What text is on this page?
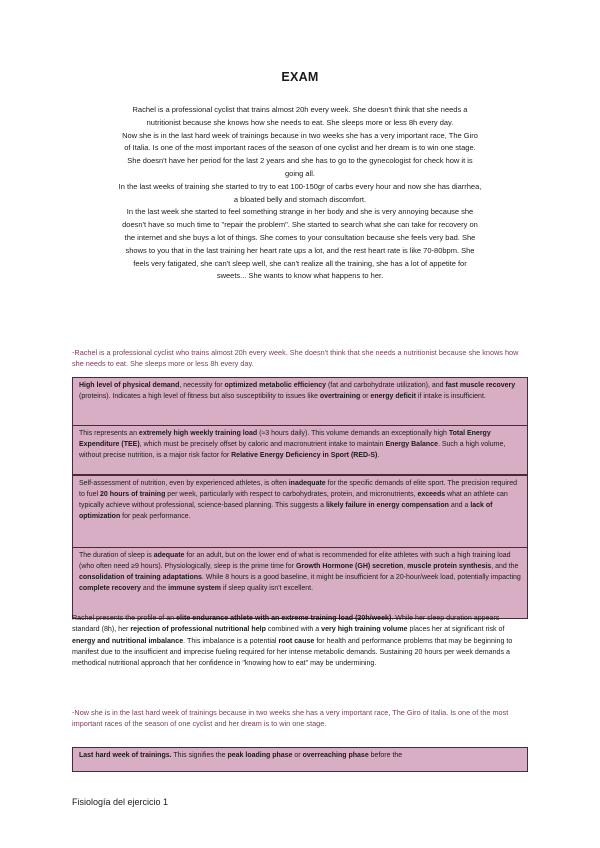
EXAM

Rachel is a professional cyclist that trains almost 20h every week. She doesn't think that she needs a nutritionist because she knows how she needs to eat. She sleeps more or less 8h every day.

Now she is in the last hard week of trainings because in two weeks she has a very important race, The Giro of Italia. Is one of the most important races of the season of one cyclist and her dream is to win one stage.

She doesn't have her period for the last 2 years and she has to go to the gynecologist for check how it is going all.

In the last weeks of training she started to try to eat 100-150gr of carbs every hour and now she has diarrhea, a bloated belly and stomach discomfort.

In the last week she started to feel something strange in her body and she is very annoying because she doesn't have so much time to "repair the problem". She started to search what she can take for recovery on the internet and she buys a lot of things. She comes to your consultation because she feels very bad. She shows to you that in the last training her heart rate ups a lot, and the rest heart rate is like 70-80bpm. She feels very fatigated, she can't sleep well, she can't realize all the training, she has a lot of appetite for sweets... She wants to know what happens to her.

-Rachel is a professional cyclist who trains almost 20h every week. She doesn't think that she needs a nutritionist because she knows how she needs to eat. She sleeps more or less 8h every day.

High level of physical demand, necessity for optimized metabolic efficiency (fat and carbohydrate utilization), and fast muscle recovery (proteins). Indicates a high level of fitness but also susceptibility to issues like overtraining or energy deficit if intake is insufficient.

This represents an extremely high weekly training load (≈3 hours daily). This volume demands an exceptionally high Total Energy Expenditure (TEE), which must be precisely offset by caloric and macronutrient intake to maintain Energy Balance. Such a high volume, without precise nutrition, is a major risk factor for Relative Energy Deficiency in Sport (RED-S).

Self-assessment of nutrition, even by experienced athletes, is often inadequate for the specific demands of elite sport. The precision required to fuel 20 hours of training per week, particularly with respect to carbohydrates, protein, and micronutrients, exceeds what an athlete can typically achieve without professional, science-based planning. This suggests a likely failure in energy compensation and a lack of optimization for peak performance.

The duration of sleep is adequate for an adult, but on the lower end of what is recommended for elite athletes with such a high training load (who often need ≥9 hours). Physiologically, sleep is the prime time for Growth Hormone (GH) secretion, muscle protein synthesis, and the consolidation of training adaptations. While 8 hours is a good baseline, it might be insufficient for a 20-hour/week load, potentially impacting complete recovery and the immune system if sleep quality isn't excellent.

Rachel presents the profile of an elite endurance athlete with an extreme training load (20h/week). While her sleep duration appears standard (8h), her rejection of professional nutritional help combined with a very high training volume places her at significant risk of energy and nutritional imbalance. This imbalance is a potential root cause for health and performance problems that may be beginning to manifest due to the insufficient and imprecise fueling required for her intense metabolic demands. Sustaining 20 hours per week demands a methodical nutritional approach that her confidence in "knowing how to eat" may be undermining.

-Now she is in the last hard week of trainings because in two weeks she has a very important race, The Giro of Italia. Is one of the most important races of the season of one cyclist and her dream is to win one stage.

Last hard week of trainings. This signifies the peak loading phase or overreaching phase before the

Fisiología del ejercicio 1
